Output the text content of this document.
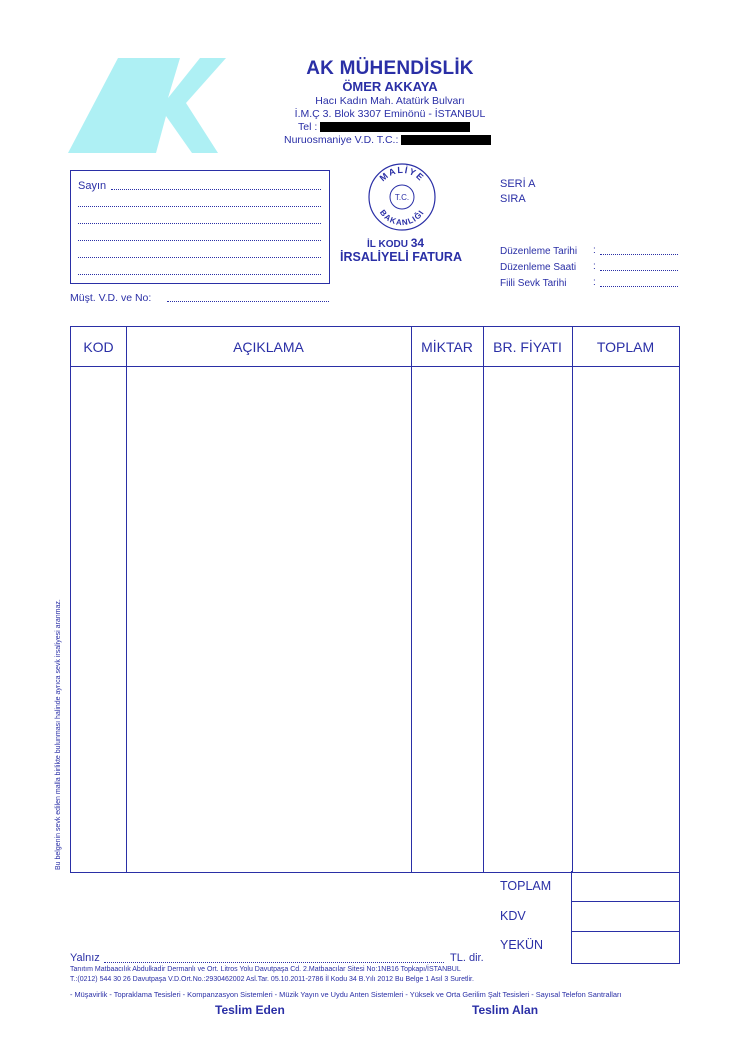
AK MÜHENDİSLİK
ÖMER AKKAYA
Hacı Kadın Mah. Atatürk Bulvarı
İ.M.Ç 3. Blok 3307 Eminönü - İSTANBUL
Tel :
Nuruosmaniye V.D. T.C.:
Sayın
Müşt. V.D. ve No:
MALİYE
BAKANLIĞI
T.C.
İL KODU 34
İRSALİYELİ FATURA
SERİ A
SIRA
Düzenleme Tarihi :
Düzenleme Saati :
Fiili Sevk Tarihi	:
KOD	AÇIKLAMA	MİKTAR	BR. FİYATI	TOPLAM
Bu belgenin sevk edilen malla birlikte bulunması halinde ayrıca sevk irsaliyesi aranmaz.
TOPLAM
KDV
YEKÜN
Yalnız	TL. dir.
Tanıtım Matbaacılık Abdulkadir Dermanlı ve Ort. Litros Yolu Davutpaşa Cd. 2.Matbaacılar Sitesi No:1NB16 Topkapı/İSTANBUL
T.:(0212) 544 30 26 Davutpaşa V.D.Ort.No.:2930462002 Asl.Tar. 05.10.2011-2786 İl Kodu 34 B.Yılı 2012 Bu Belge 1 Asıl 3 Suretlir.
- Müşavirlik - Topraklama Tesisleri - Kompanzasyon Sistemleri - Müzik Yayın ve Uydu Anten Sistemleri - Yüksek ve Orta Gerilim Şalt Tesisleri - Sayısal Telefon Santralları
Teslim Eden	Teslim Alan
